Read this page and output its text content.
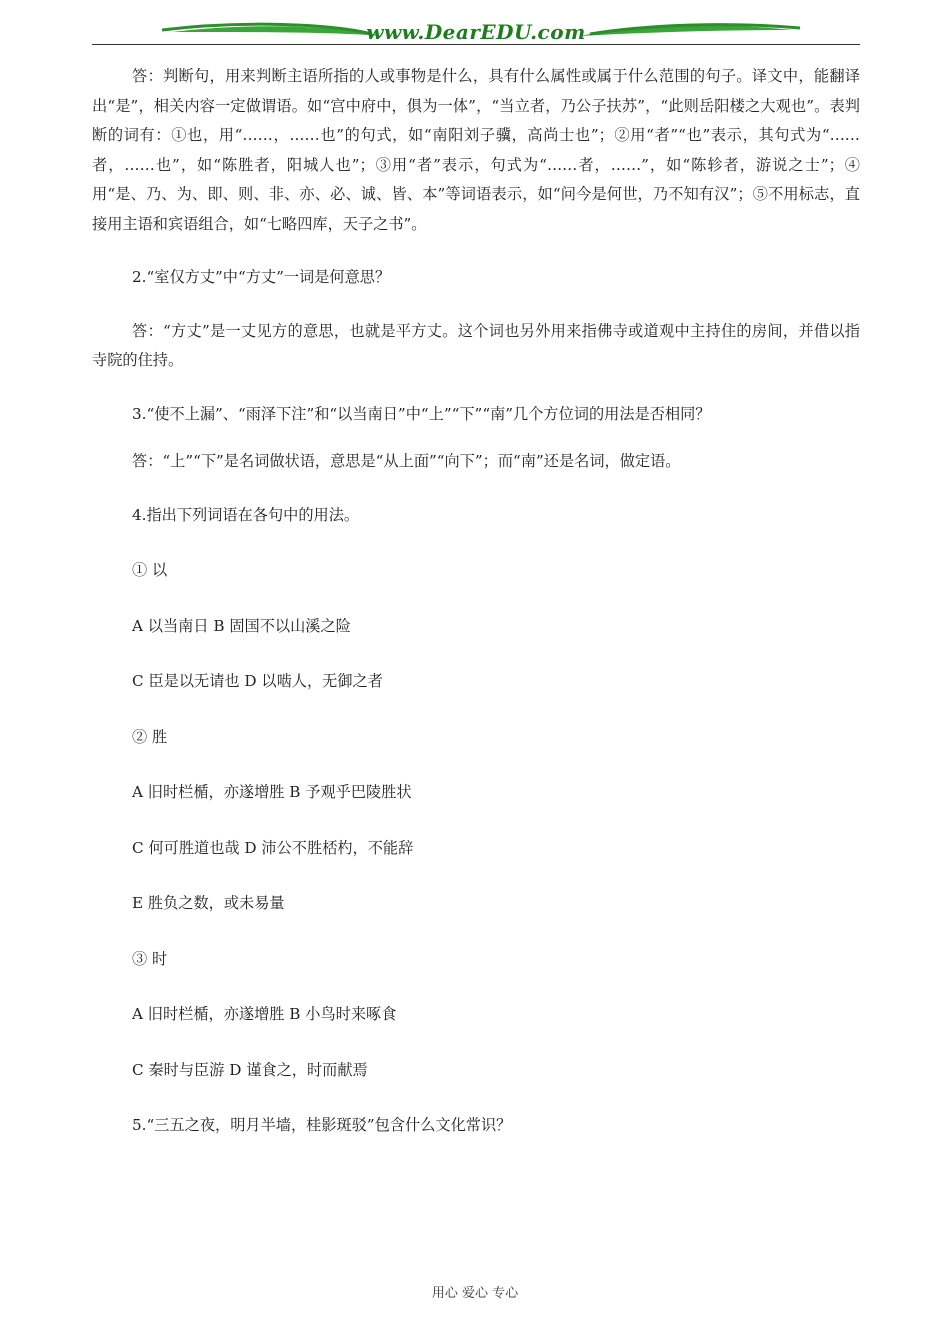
www.DearEDU.com

答：判断句，用来判断主语所指的人或事物是什么，具有什么属性或属于什么范围的句子。译文中，能翻译出“是”，相关内容一定做谓语。如“宫中府中，俱为一体”，“当立者，乃公子扶苏”，“此则岳阳楼之大观也”。表判断的词有：①也，用“……，……也”的句式，如“南阳刘子骥，高尚士也”；②用“者”“也”表示，其句式为“……者，……也”，如“陈胜者，阳城人也”；③用“者”表示，句式为“……者，……”，如“陈轸者，游说之士”；④用“是、乃、为、即、则、非、亦、必、诚、皆、本”等词语表示，如“问今是何世，乃不知有汉”；⑤不用标志，直接用主语和宾语组合，如“七略四库，天子之书”。

2.“室仅方丈”中“方丈”一词是何意思？

答：“方丈”是一丈见方的意思，也就是平方丈。这个词也另外用来指佛寺或道观中主持住的房间，并借以指寺院的住持。

3.“使不上漏”、“雨泽下注”和“以当南日”中“上”“下”“南”几个方位词的用法是否相同？

答：“上”“下”是名词做状语，意思是“从上面”“向下”；而“南”还是名词，做定语。

4.指出下列词语在各句中的用法。

① 以

A 以当南日 B 固国不以山溪之险

C 臣是以无请也 D 以啮人，无御之者

② 胜

A 旧时栏楯，亦遂增胜 B 予观乎巴陵胜状

C 何可胜道也哉 D 沛公不胜桮杓，不能辞

E 胜负之数，或未易量

③ 时

A 旧时栏楯，亦遂增胜 B 小鸟时来啄食

C 秦时与臣游 D 谨食之，时而献焉

5.“三五之夜，明月半墙，桂影斑驳”包含什么文化常识？

用心 爱心 专心
